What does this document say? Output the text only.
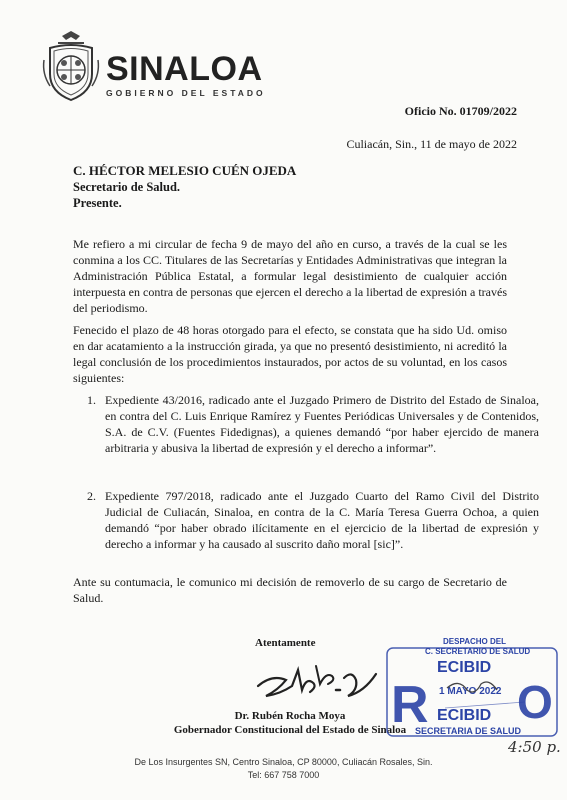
SINALOA
GOBIERNO DEL ESTADO
Oficio No. 01709/2022
Culiacán, Sin., 11 de mayo de 2022
C. HÉCTOR MELESIO CUÉN OJEDA
Secretario de Salud.
Presente.
Me refiero a mi circular de fecha 9 de mayo del año en curso, a través de la cual se les conmina a los CC. Titulares de las Secretarías y Entidades Administrativas que integran la Administración Pública Estatal, a formular legal desistimiento de cualquier acción interpuesta en contra de personas que ejercen el derecho a la libertad de expresión a través del periodismo.
Fenecido el plazo de 48 horas otorgado para el efecto, se constata que ha sido Ud. omiso en dar acatamiento a la instrucción girada, ya que no presentó desistimiento, ni acreditó la legal conclusión de los procedimientos instaurados, por actos de su voluntad, en los casos siguientes:
1. Expediente 43/2016, radicado ante el Juzgado Primero de Distrito del Estado de Sinaloa, en contra del C. Luis Enrique Ramírez y Fuentes Periódicas Universales y de Contenidos, S.A. de C.V. (Fuentes Fidedignas), a quienes demandó “por haber ejercido de manera arbitraria y abusiva la libertad de expresión y el derecho a informar”.
2. Expediente 797/2018, radicado ante el Juzgado Cuarto del Ramo Civil del Distrito Judicial de Culiacán, Sinaloa, en contra de la C. María Teresa Guerra Ochoa, a quien demandó “por haber obrado ilícitamente en el ejercicio de la libertad de expresión y derecho a informar y ha causado al suscrito daño moral [sic]”.
Ante su contumacia, le comunico mi decisión de removerlo de su cargo de Secretario de Salud.
Atentamente
Dr. Rubén Rocha Moya
Gobernador Constitucional del Estado de Sinaloa
DESPACHO DEL
C. SECRETARIO DE SALUD
ECIBID
1 MAYO 2022
ECIBID
SECRETARIA DE SALUD
R O
4:50 p.
De Los Insurgentes SN, Centro Sinaloa, CP 80000, Culiacán Rosales, Sin.
Tel: 667 758 7000
